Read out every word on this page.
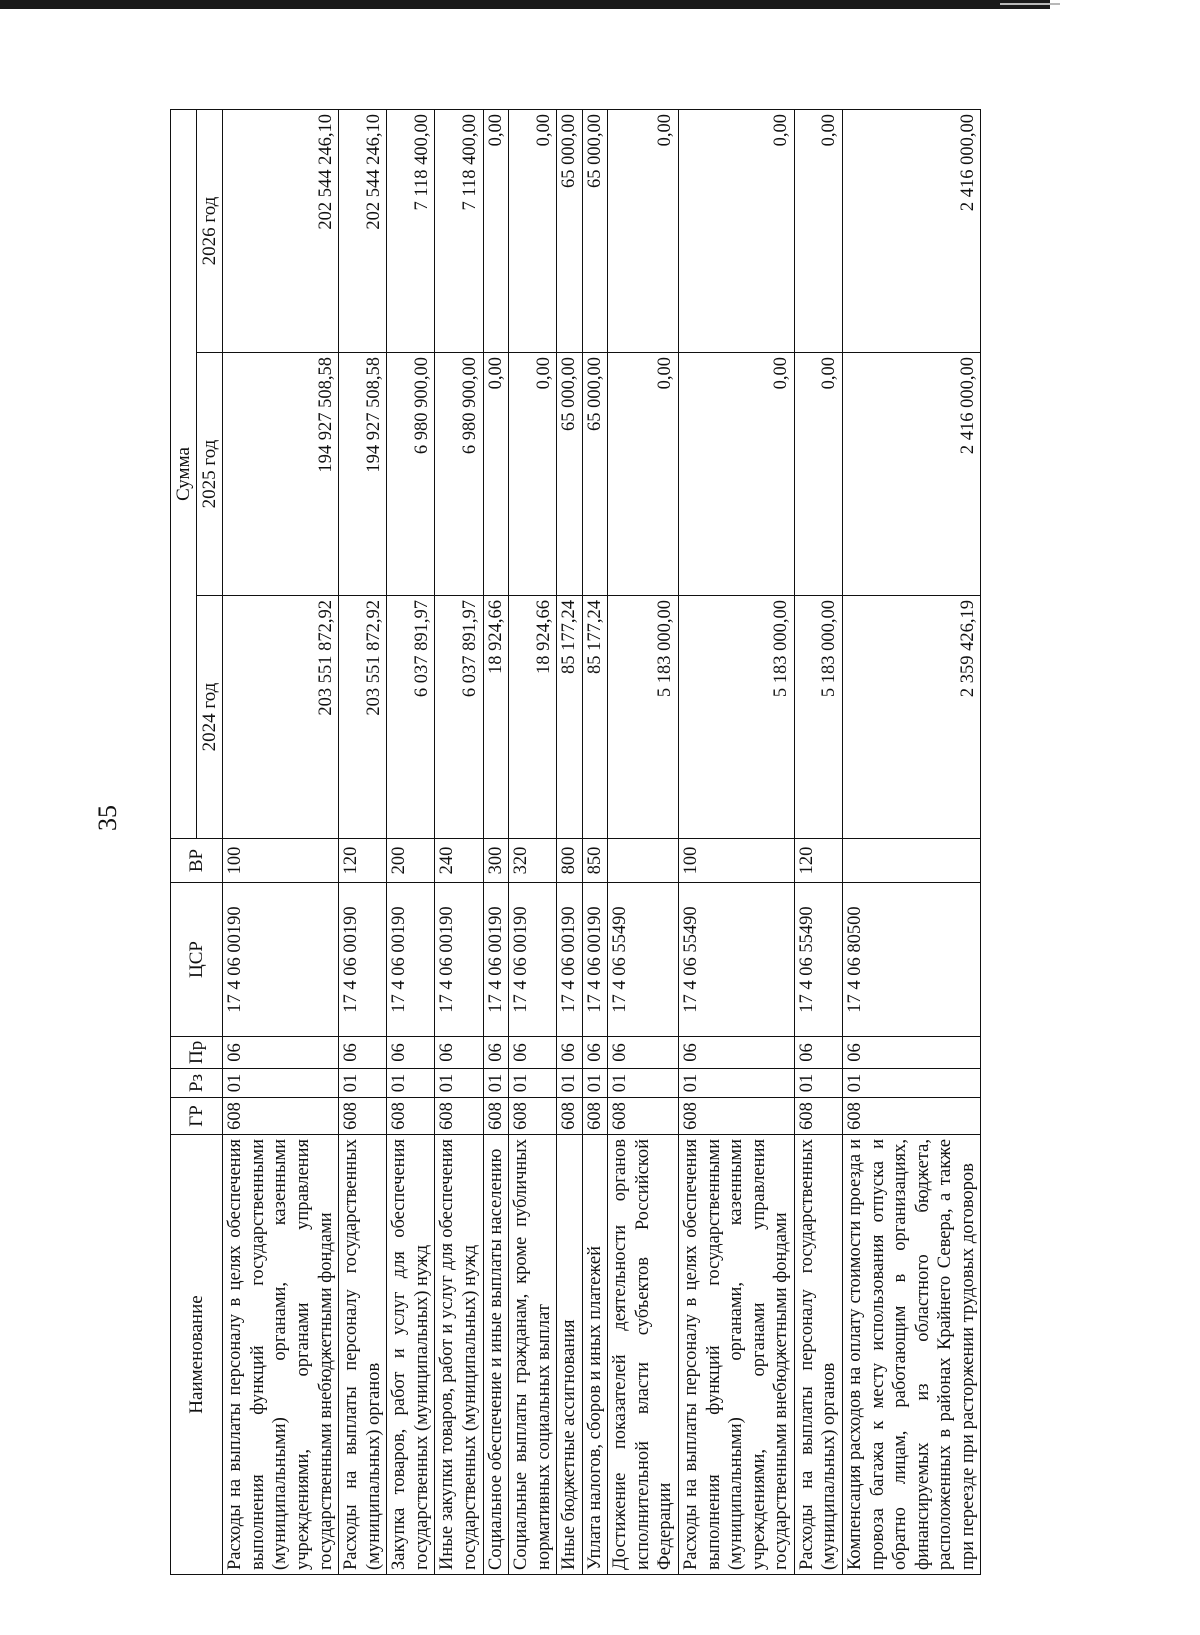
35
Наименование	ГР	Рз	Пр	ЦСР	ВР	Сумма		
						2024 год	2025 год	2026 год
Расходы на выплаты персоналу в целях обеспечения выполнения функций государственными (муниципальными) органами, казенными учреждениями, органами управления государственными внебюджетными фондами	608	01	06	17 4 06 00190	100	203 551 872,92	194 927 508,58	202 544 246,10
Расходы на выплаты персоналу государственных (муниципальных) органов	608	01	06	17 4 06 00190	120	203 551 872,92	194 927 508,58	202 544 246,10
Закупка товаров, работ и услуг для обеспечения государственных (муниципальных) нужд	608	01	06	17 4 06 00190	200	6 037 891,97	6 980 900,00	7 118 400,00
Иные закупки товаров, работ и услуг для обеспечения государственных (муниципальных) нужд	608	01	06	17 4 06 00190	240	6 037 891,97	6 980 900,00	7 118 400,00
Социальное обеспечение и иные выплаты населению	608	01	06	17 4 06 00190	300	18 924,66	0,00	0,00
Социальные выплаты гражданам, кроме публичных нормативных социальных выплат	608	01	06	17 4 06 00190	320	18 924,66	0,00	0,00
Иные бюджетные ассигнования	608	01	06	17 4 06 00190	800	85 177,24	65 000,00	65 000,00
Уплата налогов, сборов и иных платежей	608	01	06	17 4 06 00190	850	85 177,24	65 000,00	65 000,00
Достижение показателей деятельности органов исполнительной власти субъектов Российской Федерации	608	01	06	17 4 06 55490		5 183 000,00	0,00	0,00
Расходы на выплаты персоналу в целях обеспечения выполнения функций государственными (муниципальными) органами, казенными учреждениями, органами управления государственными внебюджетными фондами	608	01	06	17 4 06 55490	100	5 183 000,00	0,00	0,00
Расходы на выплаты персоналу государственных (муниципальных) органов	608	01	06	17 4 06 55490	120	5 183 000,00	0,00	0,00
Компенсация расходов на оплату стоимости проезда и провоза багажа к месту использования отпуска и обратно лицам, работающим в организациях, финансируемых из областного бюджета, расположенных в районах Крайнего Севера, а также при переезде при расторжении трудовых договоров	608	01	06	17 4 06 80500		2 359 426,19	2 416 000,00	2 416 000,00
